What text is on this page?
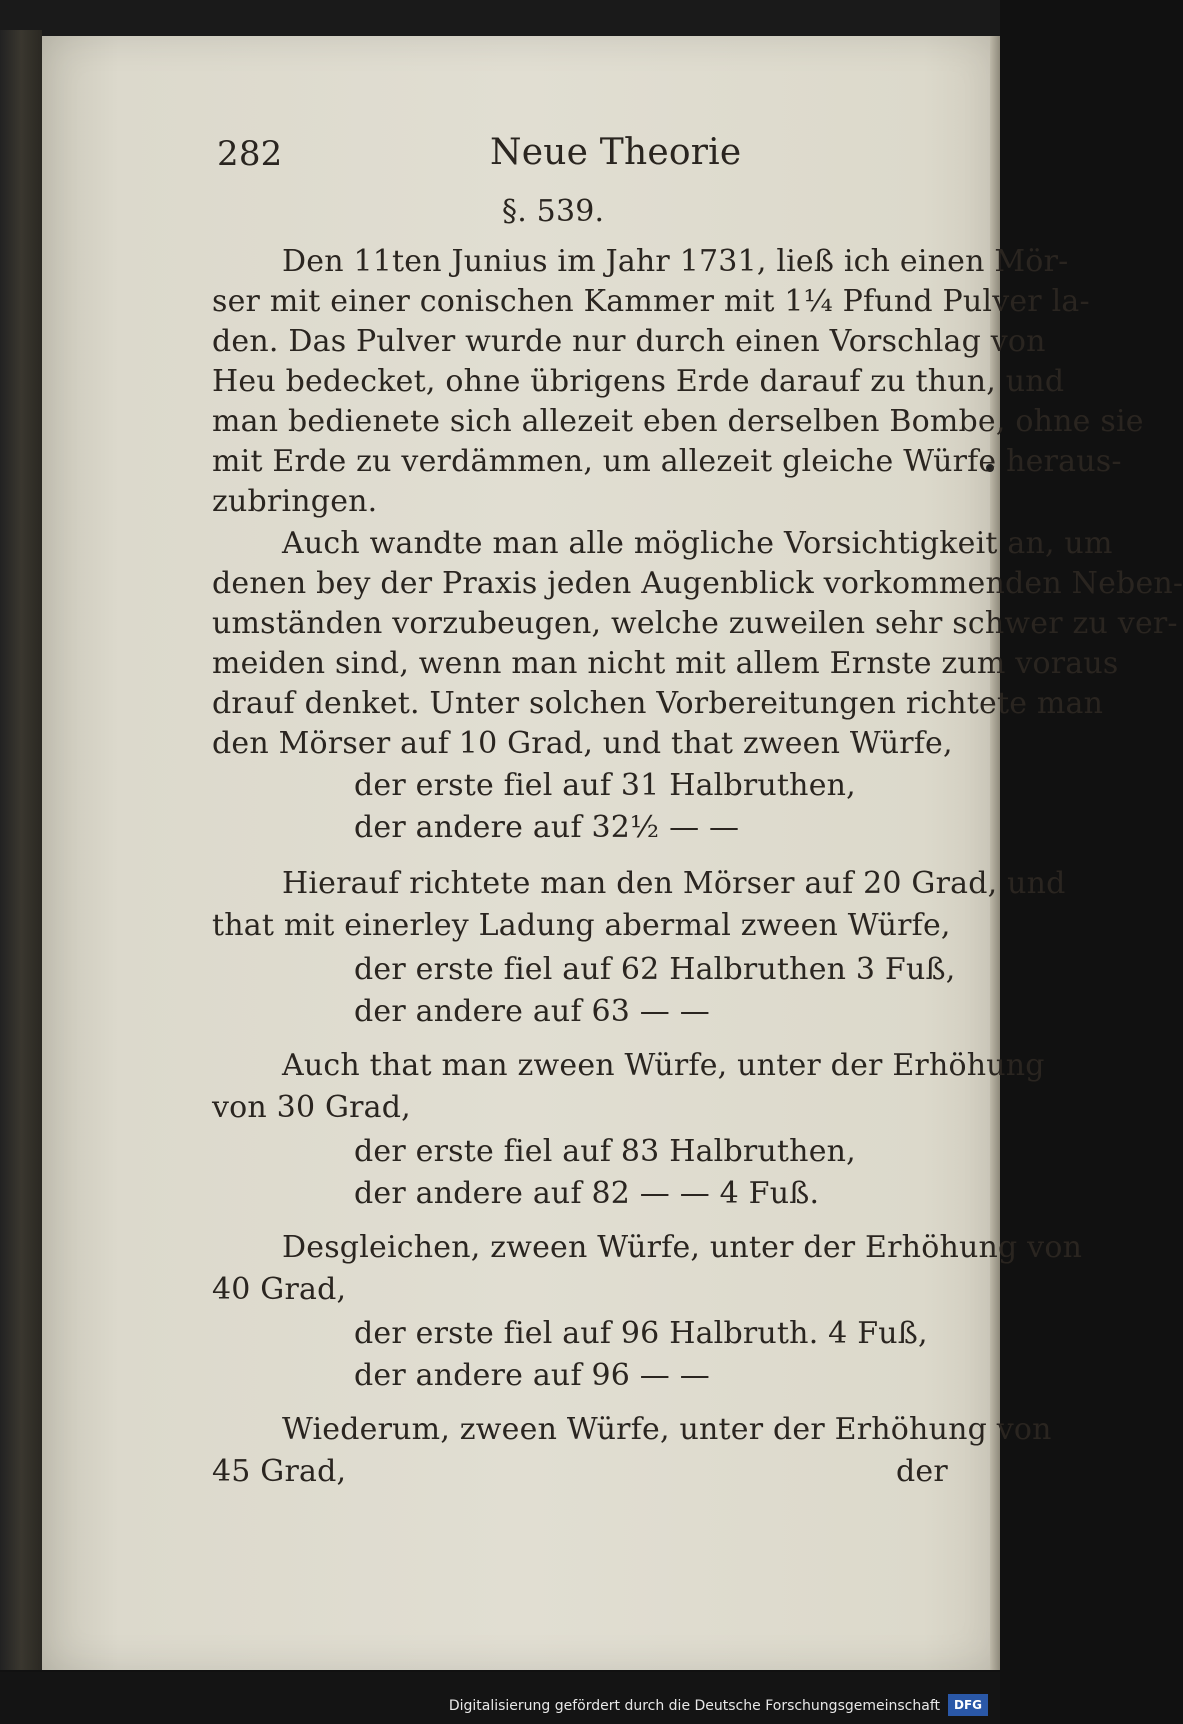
282	Neue Theorie
§. 539.
Den 11ten Junius im Jahr 1731, ließ ich einen Mör-
ser mit einer conischen Kammer mit 1¼ Pfund Pulver la-
den. Das Pulver wurde nur durch einen Vorschlag von
Heu bedecket, ohne übrigens Erde darauf zu thun, und
man bedienete sich allezeit eben derselben Bombe, ohne sie
mit Erde zu verdämmen, um allezeit gleiche Würfe heraus-
zubringen.
Auch wandte man alle mögliche Vorsichtigkeit an, um
denen bey der Praxis jeden Augenblick vorkommenden Neben-
umständen vorzubeugen, welche zuweilen sehr schwer zu ver-
meiden sind, wenn man nicht mit allem Ernste zum voraus
drauf denket. Unter solchen Vorbereitungen richtete man
den Mörser auf 10 Grad, und that zween Würfe,
der erste fiel auf 31 Halbruthen,
der andere auf 32½ — —
Hierauf richtete man den Mörser auf 20 Grad, und
that mit einerley Ladung abermal zween Würfe,
der erste fiel auf 62 Halbruthen 3 Fuß,
der andere auf 63 — —
Auch that man zween Würfe, unter der Erhöhung
von 30 Grad,
der erste fiel auf 83 Halbruthen,
der andere auf 82 — — 4 Fuß.
Desgleichen, zween Würfe, unter der Erhöhung von
40 Grad,
der erste fiel auf 96 Halbruth. 4 Fuß,
der andere auf 96 — —
Wiederum, zween Würfe, unter der Erhöhung von
45 Grad,	der
Digitalisierung gefördert durch die Deutsche Forschungsgemeinschaft	DFG
